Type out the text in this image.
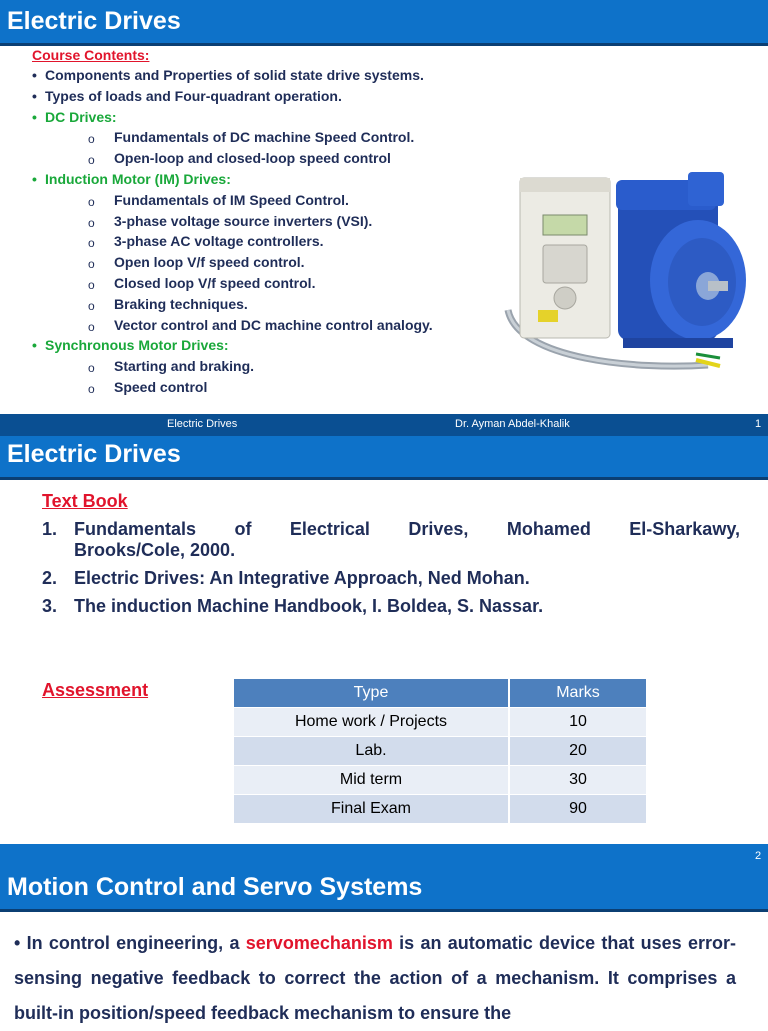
Electric Drives
Course Contents:
• Components and Properties of solid state drive systems.
• Types of loads and Four-quadrant operation.
• DC Drives:
o Fundamentals of DC machine Speed Control.
o Open-loop and closed-loop speed control
• Induction Motor (IM) Drives:
o Fundamentals of IM Speed Control.
o 3-phase voltage source inverters (VSI).
o 3-phase AC voltage controllers.
o Open loop V/f speed control.
o Closed loop V/f speed control.
o Braking techniques.
o Vector control and DC machine control analogy.
• Synchronous Motor Drives:
o Starting and braking.
o Speed control
Electric Drives	Dr. Ayman Abdel-Khalik	1
Electric Drives
Text Book
1. Fundamentals of Electrical Drives, Mohamed El-Sharkawy,
Brooks/Cole, 2000.
2. Electric Drives: An Integrative Approach, Ned Mohan.
3. The induction Machine Handbook, I. Boldea, S. Nassar.
Assessment	Type	Marks
Home work / Projects	10
Lab.	20
Mid term	30
Final Exam	90
2
Motion Control and Servo Systems
• In control engineering, a servomechanism is an automatic device that uses error-sensing negative feedback to correct the action of a mechanism. It comprises a built-in position/speed feedback mechanism to ensure the
